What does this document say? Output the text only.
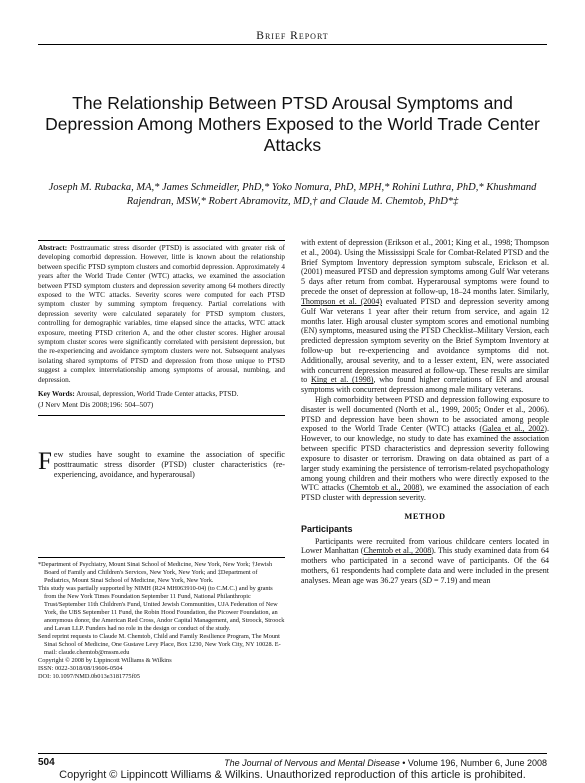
Brief Report
The Relationship Between PTSD Arousal Symptoms and Depression Among Mothers Exposed to the World Trade Center Attacks
Joseph M. Rubacka, MA,* James Schmeidler, PhD,* Yoko Nomura, PhD, MPH,* Rohini Luthra, PhD,* Khushmand Rajendran, MSW,* Robert Abramovitz, MD,† and Claude M. Chemtob, PhD*‡

Abstract: Posttraumatic stress disorder (PTSD) is associated with greater risk of developing comorbid depression. However, little is known about the relationship between specific PTSD symptom clusters and comorbid depression. Approximately 4 years after the World Trade Center (WTC) attacks, we examined the association between PTSD symptom clusters and depression severity among 64 mothers directly exposed to the WTC attacks. Severity scores were computed for each PTSD symptom cluster by summing symptom frequency. Partial correlations with depression severity were calculated separately for PTSD symptom clusters, controlling for demographic variables, time elapsed since the attacks, WTC attack exposure, meeting PTSD criterion A, and the other cluster scores. Higher arousal symptom cluster scores were significantly correlated with persistent depression, but the re-experiencing and avoidance symptom clusters were not. Subsequent analyses isolating shared symptoms of PTSD and depression from those unique to PTSD suggest a complex interrelationship among symptoms of arousal, numbing, and depression.

Key Words: Arousal, depression, World Trade Center attacks, PTSD.

(J Nerv Ment Dis 2008;196: 504–507)

Few studies have sought to examine the association of specific posttraumatic stress disorder (PTSD) cluster characteristics (re-experiencing, avoidance, and hyperarousal)

*Department of Psychiatry, Mount Sinai School of Medicine, New York, New York; †Jewish Board of Family and Children's Services, New York, New York; and ‡Department of Pediatrics, Mount Sinai School of Medicine, New York, New York.

This study was partially supported by NIMH (R24 MH063910-04) (to C.M.C.) and by grants from the New York Times Foundation September 11 Fund, National Philanthropic Trust/September 11th Children's Fund, United Jewish Communities, UJA Federation of New York, the UBS September 11 Fund, the Robin Hood Foundation, the Picower Foundation, an anonymous donor, the American Red Cross, Andor Capital Management, and, Stroock, Stroock and Lavan LLP. Funders had no role in the design or conduct of the study.

Send reprint requests to Claude M. Chemtob, Child and Family Resilience Program, The Mount Sinai School of Medicine, One Gustave Levy Place, Box 1230, New York City, NY 10028. E-mail: claude.chemtob@mssm.edu

Copyright © 2008 by Lippincott Williams & Wilkins

ISSN: 0022-3018/08/19606-0504

DOI: 10.1097/NMD.0b013e3181775f05

with extent of depression (Erikson et al., 2001; King et al., 1998; Thompson et al., 2004). Using the Mississippi Scale for Combat-Related PTSD and the Brief Symptom Inventory depression symptom subscale, Erickson et al. (2001) measured PTSD and depression symptoms among Gulf War veterans 5 days after return from combat. Hyperarousal symptoms were found to precede the onset of depression at follow-up, 18–24 months later. Similarly, Thompson et al. (2004) evaluated PTSD and depression severity among Gulf War veterans 1 year after their return from service, and again 12 months later. High arousal cluster symptom scores and emotional numbing (EN) symptoms, measured using the PTSD Checklist–Military Version, each predicted depression symptom severity on the Brief Symptom Inventory at follow-up but re-experiencing and avoidance symptoms did not. Additionally, arousal severity, and to a lesser extent, EN, were associated with concurrent depression measured at follow-up. These results are similar to King et al. (1998), who found higher correlations of EN and arousal symptoms with concurrent depression among male military veterans.

High comorbidity between PTSD and depression following exposure to disaster is well documented (North et al., 1999, 2005; Onder et al., 2006). PTSD and depression have been shown to be associated among people exposed to the World Trade Center (WTC) attacks (Galea et al., 2002). However, to our knowledge, no study to date has examined the association between specific PTSD characteristics and depression severity following exposure to disaster or terrorism. Drawing on data obtained as part of a larger study examining the persistence of terrorism-related psychopathology among young children and their mothers who were directly exposed to the WTC attacks (Chemtob et al., 2008), we examined the association of each PTSD cluster with depression severity.

METHOD
Participants

Participants were recruited from various childcare centers located in Lower Manhattan (Chemtob et al., 2008). This study examined data from 64 mothers who participated in a second wave of participants. Of the 64 mothers, 61 respondents had complete data and were included in the present analyses. Mean age was 36.27 years (SD = 7.19) and mean

504	The Journal of Nervous and Mental Disease • Volume 196, Number 6, June 2008
Copyright © Lippincott Williams & Wilkins. Unauthorized reproduction of this article is prohibited.
